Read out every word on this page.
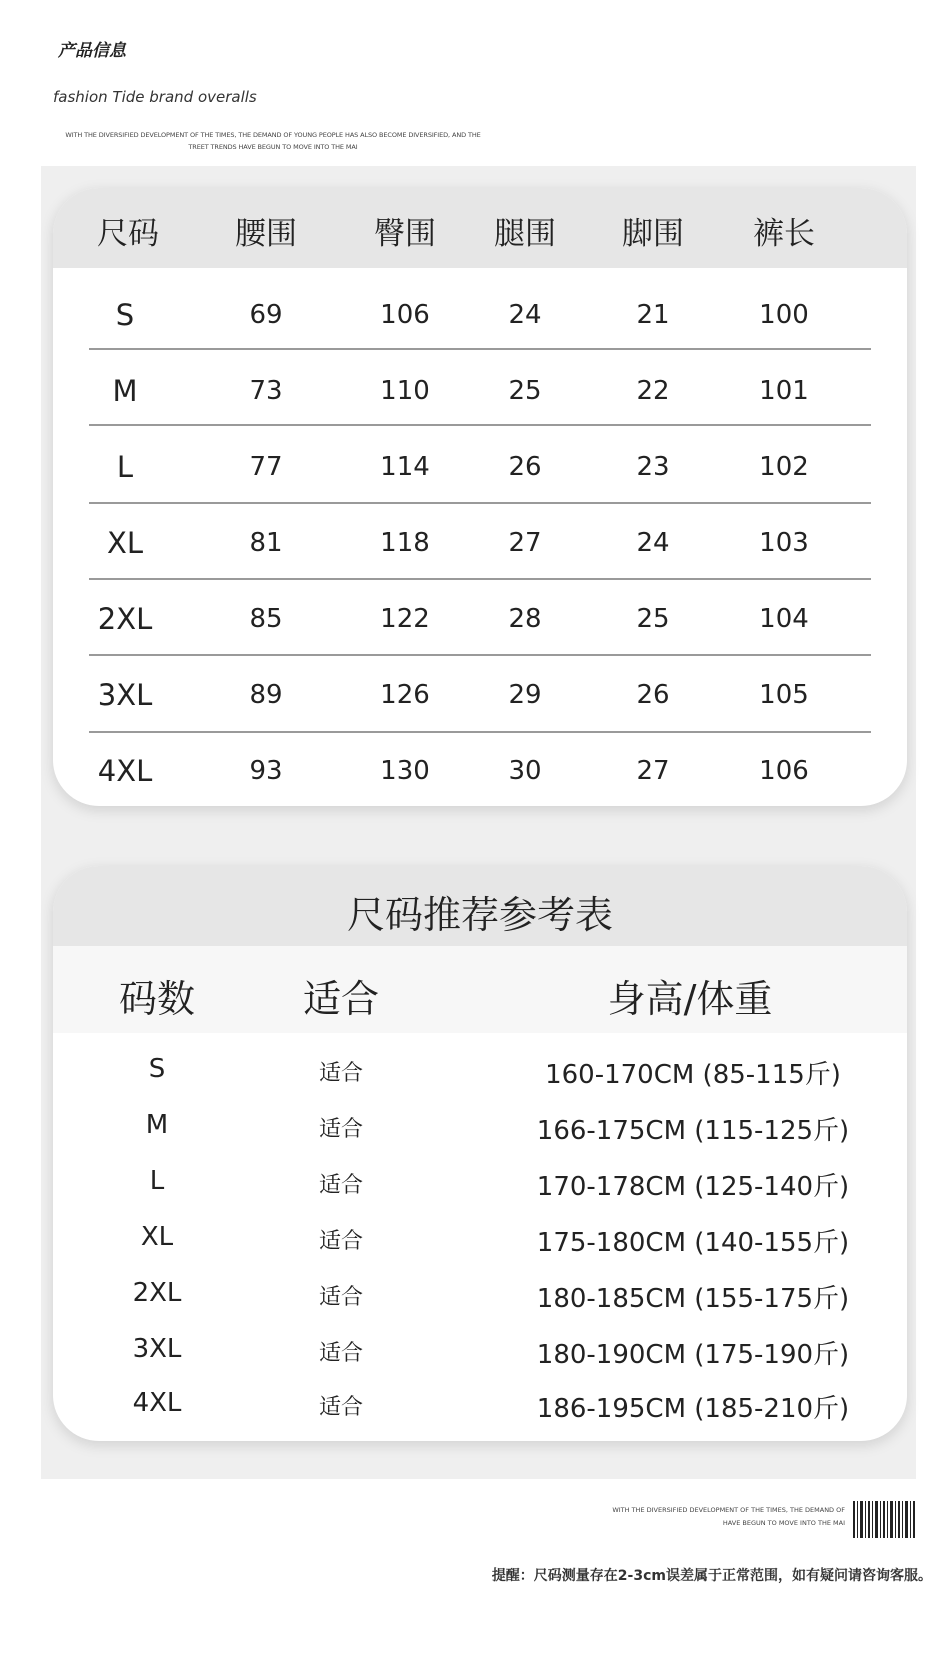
产品信息
fashion Tide brand overalls
WITH THE DIVERSIFIED DEVELOPMENT OF THE TIMES, THE DEMAND OF YOUNG PEOPLE HAS ALSO BECOME DIVERSIFIED, AND THE
TREET TRENDS HAVE BEGUN TO MOVE INTO THE MAI
尺码 腰围 臀围 腿围 脚围 裤长
S	69	106	24	21	100
M	73	110	25	22	101
L	77	114	26	23	102
XL	81	118	27	24	103
2XL	85	122	28	25	104
3XL	89	126	29	26	105
4XL	93	130	30	27	106
尺码推荐参考表
码数	适合	身高/体重
S	适合	160-170CM (85-115斤)
M	适合	166-175CM (115-125斤)
L	适合	170-178CM (125-140斤)
XL	适合	175-180CM (140-155斤)
2XL	适合	180-185CM (155-175斤)
3XL	适合	180-190CM (175-190斤)
4XL	适合	186-195CM (185-210斤)
WITH THE DIVERSIFIED DEVELOPMENT OF THE TIMES, THE DEMAND OF
HAVE BEGUN TO MOVE INTO THE MAI
提醒：尺码测量存在2-3cm误差属于正常范围，如有疑问请咨询客服。
